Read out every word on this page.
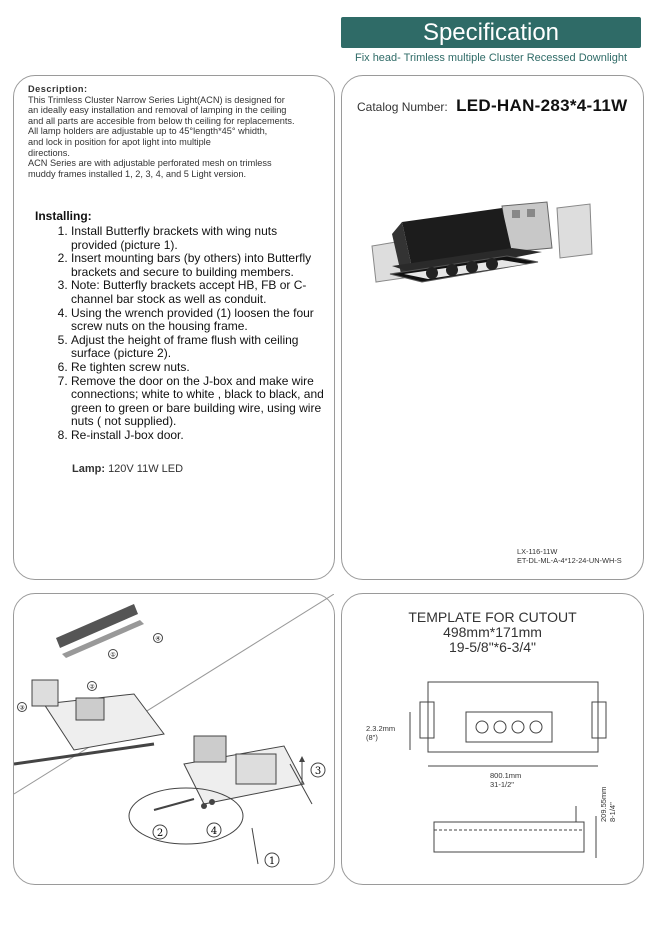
Specification
Fix head- Trimless multiple Cluster Recessed Downlight
Description:
This Trimless Cluster Narrow Series Light(ACN) is designed for
an ideally easy installation and removal of lamping in the ceiling
and all parts are accesible from below th ceiling for replacements.
All lamp holders are adjustable up to 45°length*45° whidth,
and lock in position for apot light into multiple
directions.
ACN Series are with adjustable perforated mesh on trimless
muddy frames installed 1, 2, 3, 4, and 5 Light version.
Installing:
1. Install Butterfly brackets with wing nuts provided (picture 1).
2. Insert mounting bars (by others) into Butterfly brackets and secure to building members.
3. Note: Butterfly brackets accept HB, FB or C-channel bar stock as well as conduit.
4. Using the wrench provided (1) loosen the four screw nuts on the housing frame.
5. Adjust the height of frame flush with ceiling surface (picture 2).
6. Re tighten screw nuts.
7. Remove the door on the J-box and make wire connections; white to white , black to black, and green to green or bare building wire, using wire nuts ( not supplied).
8. Re-install J-box door.
Lamp: 120V 11W LED
Catalog Number: LED-HAN-283*4-11W
LX-116-11W
ET-DL-ML-A-4*12-24-UN-WH-S
①
④
②
③
3
2	4
1
TEMPLATE FOR CUTOUT
498mm*171mm
19-5/8"*6-3/4"
2.3.2mm
(8")
800.1mm
31-1/2"
209.55mm 8-1/4"
